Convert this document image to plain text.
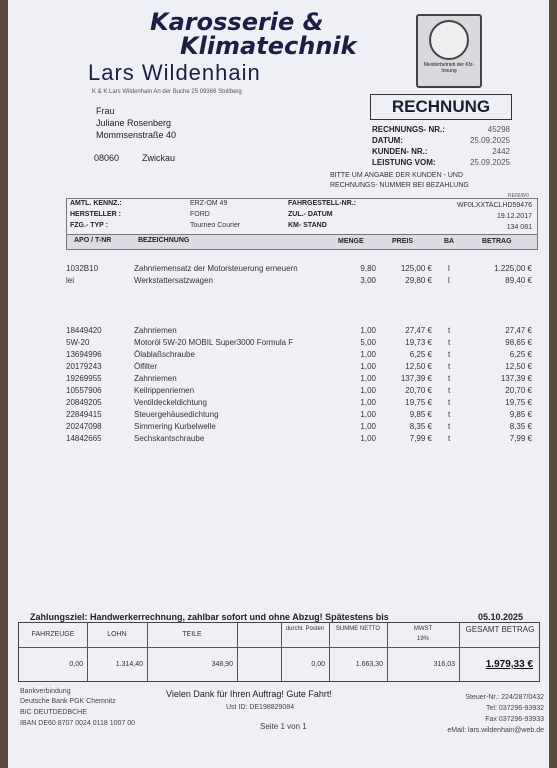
Karosserie &
Klimatechnik
Lars Wildenhain	Meisterbetrieb der Kfz-Innung
K & K Lars Wildenhain An der Buche 25 09366 Stollberg
Frau
Juliane Rosenberg
Mommsenstraße 40
08060	Zwickau
RECHNUNG
RECHNUNGS- NR.:	45298
DATUM:	25.09.2025
KUNDEN- NR.:	2442
LEISTUNG VOM:	25.09.2025
BITTE UM ANGABE DER KUNDEN - UND
RECHNUNGS- NUMMER BEI BEZAHLUNG
RE66/8/0
AMTL. KENNZ.:	ERZ-OM 49
HERSTELLER :	FORD
FZG.- TYP :	Tourneo Courier
FAHRGESTELL-NR.:	WF0LXXTACLHD59476
ZUL.- DATUM	19.12.2017
KM- STAND	134 081
APO / T-NR	BEZEICHNUNG	MENGE	PREIS	BA	BETRAG
1032B10	Zahnriemensatz der Motorsteuerung erneuern	9,80	125,00 € l	1.225,00 €
lei	Werkstattersatzwagen	3,00	29,80 € l	89,40 €
18449420	Zahnriemen	1,00	27,47 € t	27,47 €
5W-20	Motoröl 5W-20 MOBIL Super3000 Formula F	5,00	19,73 € t	98,65 €
13694996	Ölablaßschraube	1,00	6,25 € t	6,25 €
20179243	Ölfilter	1,00	12,50 € t	12,50 €
19269955	Zahnriemen	1,00	137,39 € t	137,39 €
10557906	Keilrippenriemen	1,00	20,70 € t	20,70 €
20849205	Ventildeckeldichtung	1,00	19,75 € t	19,75 €
22849415	Steuergehäusedichtung	1,00	9,85 € t	9,85 €
20247098	Simmering Kurbelwelle	1,00	8,35 € t	8,35 €
14842665	Sechskantschraube	1,00	7,99 € t	7,99 €
Zahlungsziel: Handwerkerrechnung, zahlbar sofort und ohne Abzug! Spätestens bis	05.10.2025
FAHRZEUGE	LOHN	TEILE
durchl. Posten	SUMME NETTO	MWST
19%
GESAMT BETRAG
0,00	1.314,40	348,90	0,00	1.663,30	316,03	1.979,33 €
Bankverbindung
Deutsche Bank PGK Chemnitz
BIC DEUTDEDBCHE
IBAN DE60 8707 0024 0118 1007 00
Vielen Dank für Ihren Auftrag! Gute Fahrt!
Ust ID: DE198829084
Seite 1 von 1
Steuer-Nr.: 224/287/0432
Tel: 037296-93932
Fax 037296-93933
eMail: lars.wildenhain@web.de
